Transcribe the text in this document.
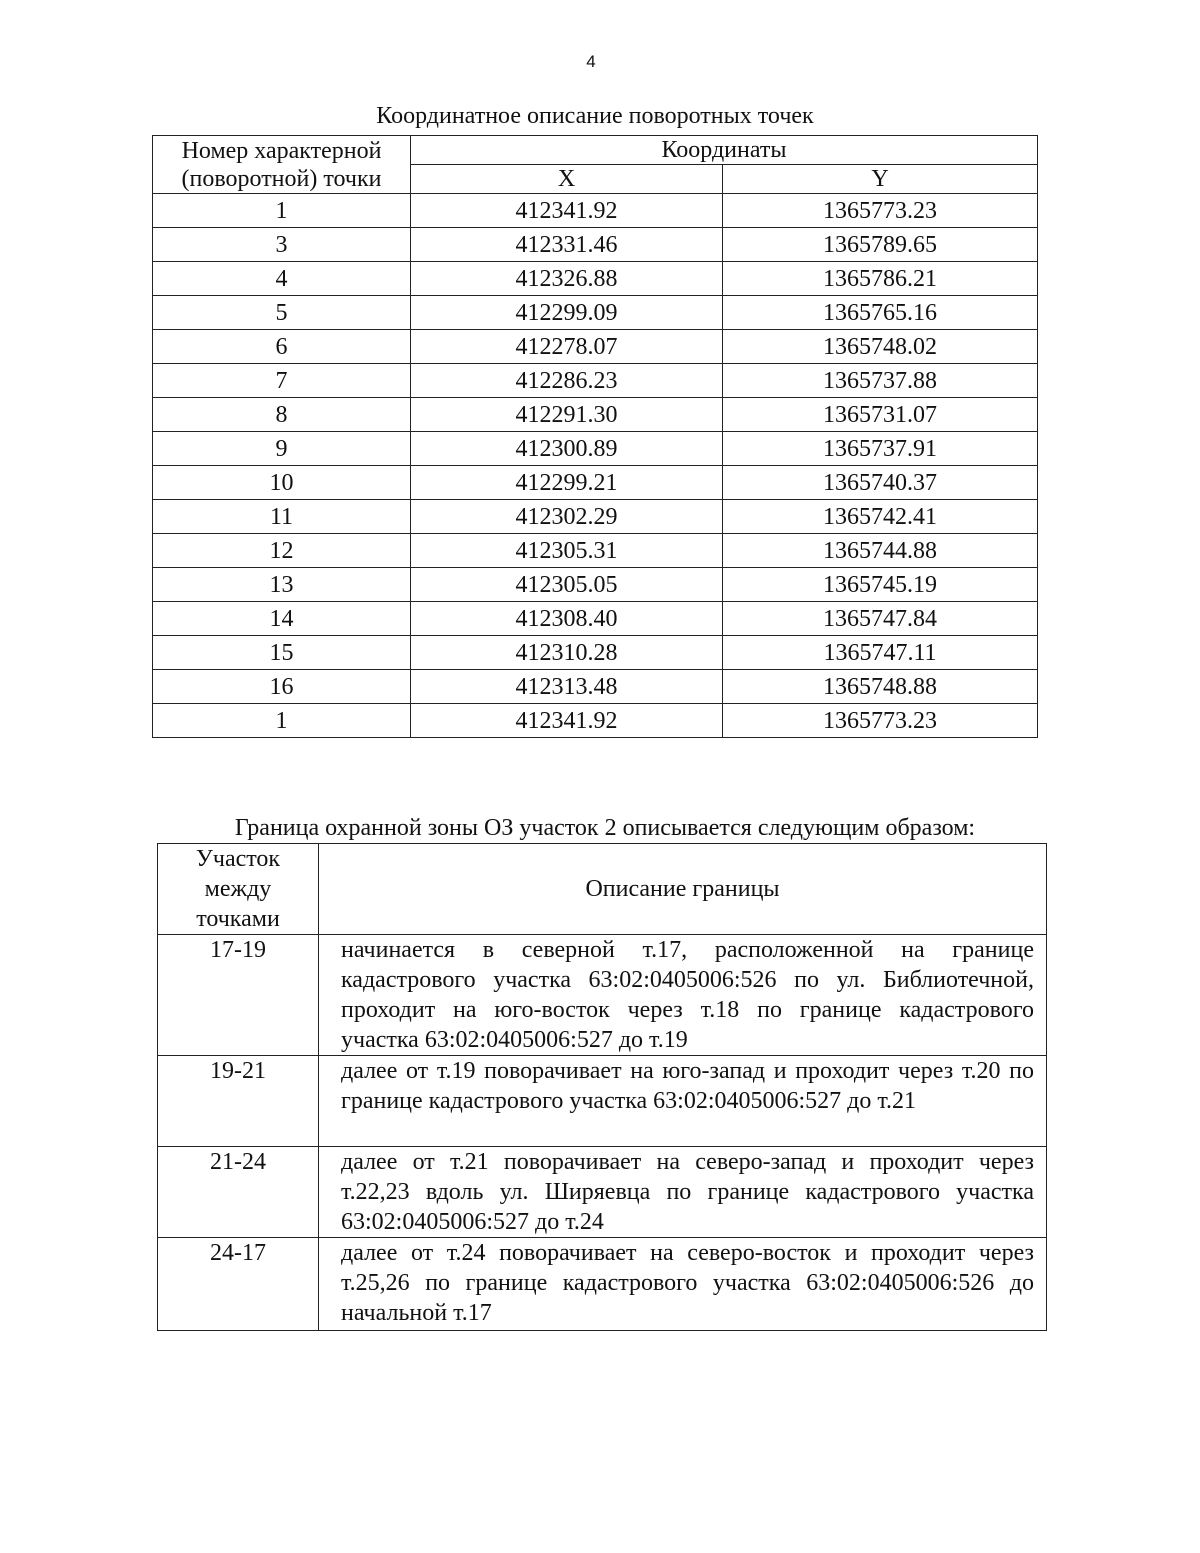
4
Координатное описание поворотных точек
Номер характерной (поворотной) точки	Координаты	
	X	Y
1	412341.92	1365773.23
3	412331.46	1365789.65
4	412326.88	1365786.21
5	412299.09	1365765.16
6	412278.07	1365748.02
7	412286.23	1365737.88
8	412291.30	1365731.07
9	412300.89	1365737.91
10	412299.21	1365740.37
11	412302.29	1365742.41
12	412305.31	1365744.88
13	412305.05	1365745.19
14	412308.40	1365747.84
15	412310.28	1365747.11
16	412313.48	1365748.88
1	412341.92	1365773.23
Граница охранной зоны ОЗ участок 2 описывается следующим образом:
Участок между точками	Описание границы
17-19	начинается в северной т.17, расположенной на границе кадастрового участка 63:02:0405006:526 по ул. Библиотечной, проходит на юго-восток через т.18 по границе кадастрового участка 63:02:0405006:527 до т.19
19-21	далее от т.19 поворачивает на юго-запад и проходит через т.20 по границе кадастрового участка 63:02:0405006:527 до т.21
21-24	далее от т.21 поворачивает на северо-запад и проходит через т.22,23 вдоль ул. Ширяевца по границе кадастрового участка 63:02:0405006:527 до т.24
24-17	далее от т.24 поворачивает на северо-восток и проходит через т.25,26 по границе кадастрового участка 63:02:0405006:526 до начальной т.17
